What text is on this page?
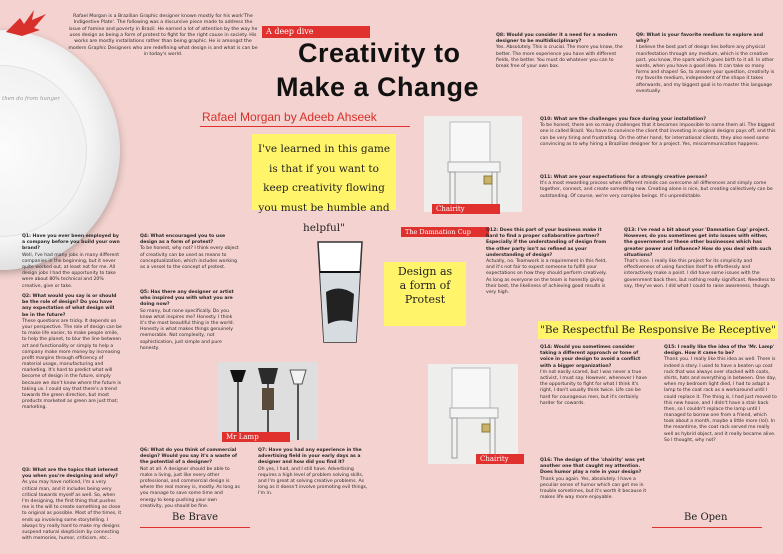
then do from hunger
Rafael Morgan is a Brazilian Graphic designer known mostly for his work'The Indigestive Plate'. The following was a discursive piece made to address the issue of famine and poverty in Brazil. He earned a lot of attention by the way he uses design as being a form of protest to fight for the right cause in society. His works are mostly installations rather than being graphic. He is amongst the modern Graphic Designers who are redefining what design is and what is can be in today's world.
A deep dive
Creativity to
Make a Change
Rafael Morgan by Adeeb Ahseek
I've learned in this game is that if you want to keep creativity flowing you must be humble and helpful"
Q8: Would you consider it a need for a modern designer to be multidisciplinary?
Yes. Absolutely. This is crucial. The more you know, the better. The more experience you have with different fields, the better. You must do whatever you can to break free of your own box.
Q9: What is your favorite medium to explore and why?
I believe the best part of design lies before any physical manifestation through any medium, which is the creative part, you know, the spark which gives birth to it all. In other words, when you have a good idea. It can take so many forms and shapes! So, to answer your question, creativity is my favorite medium, independent of the shape it takes afterwards, and my biggest goal is to master this language eventually.
Chairity
Q10: What are the challenges you face during your installation?
To be honest, there are so many challenges that it becomes impossible to name them all. The biggest one is called Brazil. You have to convince the client that investing in original designs pays off, and this can be very tiring and frustrating. On the other hand, for international clients, they also need some convincing as to why hiring a Brazilian designer for a project. Yes, miscommunication happens.
Q11: What are your expectations for a strongly creative person?
It's a most rewarding process when different minds can overcome all differences and simply come together, connect, and create something new. Creating alone is nice, but creating collectively can be outstanding. Of course, we're very complex beings. It's unpredictable.
Q1: Have you ever been employed by a company before you build your own brand?
Well, I've had many jobs in many different companies in the beginning, but it never quite worked out, at least not for me. All design jobs I had the opportunity to take were about 80% technical and 20% creative, give or take.
Q2: What would you say is or should be the role of design? Do you have any expectation of what design will be in the future?
These questions are tricky. It depends on your perspective. The role of design can be to make life easier, to make people smile, to help the planet, to blur the line between art and functionality or simply to help a company make more money by increasing profit margins through efficiency of material usage, manufacturing and marketing. It's hard to predict what will become of design in the future, simply because we don't know where the future is taking us. I could say that there's a trend towards the green direction, but most products marketed as green are just that; marketing.
Q3: What are the topics that interest you when you're designing and why?
As you may have noticed, I'm a very critical man, and it includes being very critical towards myself as well. So, when I'm designing, the first thing that pushes me is the will to create something as close to original as possible. Most of the times, it ends up involving some storytelling. I always try really hard to make my designs suspend natural skepticism by connecting with memories, humor, criticism, etc...
Q4: What encouraged you to use design as a form of protest?
To be honest, why not? I think every object of creativity can be used as means to conceptualization, which includes working as a vessel to the concept of protest.
Q5: Has there any designer or artist who inspired you with what you are doing now?
So many, but none specifically. Do you know what inspires me? Honesty. I think it's the most beautiful thing in the world. Honesty is what makes things genuinely memorable. Not complexity, not sophistication, just simple and pure honesty.
The Damnation Cup
Design as
a form of
Protest
Q12: Does this part of your business make it hard to find a proper collaborative partner? Especially if the understanding of design from the other party isn't as refined as your understanding of design?
Actually, no. Teamwork is a requirement in this field, and it's not fair to expect someone to fulfill your expectations on how they should perform creatively. As long as everyone on the team is honestly giving their best, the likeliness of achieving good results is very high.
Q13: I've read a bit about your 'Damnation Cup' project. However, do you sometimes get into issues with either, the government or these other businesses which has greater power and influence? How do you deal with such situations?
That's nice. I really like this project for its simplicity and effectiveness of using function itself to effortlessly and interactively make a point. I did have some issues with the government back then, but nothing really significant. Needless to say, they've won. I did what I could to raise awareness, though.
"Be Respectful Be Responsive Be Receptive"
Mr Lamp
Q6: What do you think of commercial design? Would you say it's a waste of the potential of a designer?
Not at all. A designer should be able to make a living, just like every other professional, and commercial design is where the real money is, mostly. As long as you manage to save some time and energy to keep pushing your own creativity, you should be fine.
Q7: Have you had any experience in the advertising field in your early days as a designer and how did you find it?
Oh yes, I had, and I still have. Advertising requires a high level of problem solving skills, and I'm great at solving creative problems. As long as it doesn't involve promoting evil things, I'm in.
Chairity
Q14: Would you sometimes consider taking a different approach or tone of voice in your design to avoid a conflict with a bigger organization?
I'm not easily scared, but I was never a true activist, I must say. However, whenever I have the opportunity to fight for what I think it's right, I don't usually think twice. Life can be hard for courageous men, but it's certainly harder for cowards.
Q16: The design of the 'chairity' was yet another one that caught my attention. Does humor play a role in your design?
Thank you again. Yes, absolutely. I have a peculiar sense of humor which can get me in trouble sometimes, but it's worth it because it makes life way more enjoyable.
Q15: I really like the idea of the 'Mr. Lamp' design. How it came to be?
Thank you. I really like this idea as well. There is indeed a story. I used to have a beaten up coat rack that was always over stacked with coats, shirts, hats and everything in between. One day, when my bedroom light died, I had to adapt a lamp to the coat rack as a workaround until I could replace it. The thing is, I had just moved to this new house, and I didn't have a stair back then, so I couldn't replace the lamp until I managed to borrow one from a friend, which took about a month, maybe a little more (lol). In the meantime, the coat rack served me really well as hybrid object, and it really became alive. So I thought, why not?
Be Brave	Be Open
